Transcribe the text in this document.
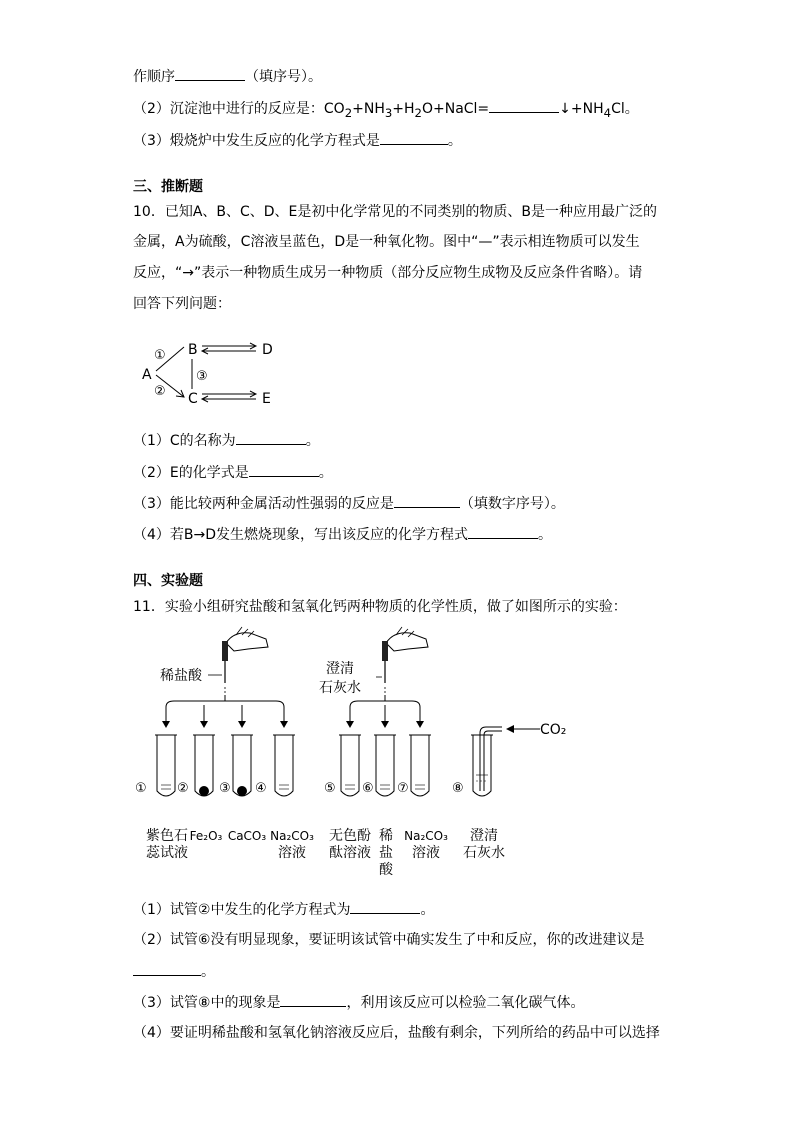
作顺序	（填序号）。
（2）沉淀池中进行的反应是：$CO_2+NH_3+H_2O+NaCl=$	$↓+NH_4Cl$。
（3）煅烧炉中发生反应的化学方程式是	。
三、推断题
10．已知A、B、C、D、E是初中化学常见的不同类别的物质、B是一种应用最广泛的
金属，A为硫酸，C溶液呈蓝色，D是一种氧化物。图中“—”表示相连物质可以发生
反应，“→”表示一种物质生成另一种物质（部分反应物生成物及反应条件省略）。请
回答下列问题：
A
B
C
D
E
①
②
③
（1）C的名称为	。
（2）E的化学式是	。
（3）能比较两种金属活动性强弱的反应是	（填数字序号）。
（4）若B→D发生燃烧现象，写出该反应的化学方程式	。
四、实验题
11．实验小组研究盐酸和氢氧化钙两种物质的化学性质，做了如图所示的实验：
稀盐酸	澄清
石灰水
CO₂
① ② ③ ④	⑤ ⑥ ⑦	⑧
紫色石
蕊试液
Fe₂O₃ CaCO₃ Na₂CO₃
溶液
无色酚
酞溶液
稀
盐
酸
Na₂CO₃
溶液
澄清
石灰水
（1）试管②中发生的化学方程式为	。
（2）试管⑥没有明显现象，要证明该试管中确实发生了中和反应，你的改进建议是
。
（3）试管⑧中的现象是	，利用该反应可以检验二氧化碳气体。
（4）要证明稀盐酸和氢氧化钠溶液反应后，盐酸有剩余，下列所给的药品中可以选择
